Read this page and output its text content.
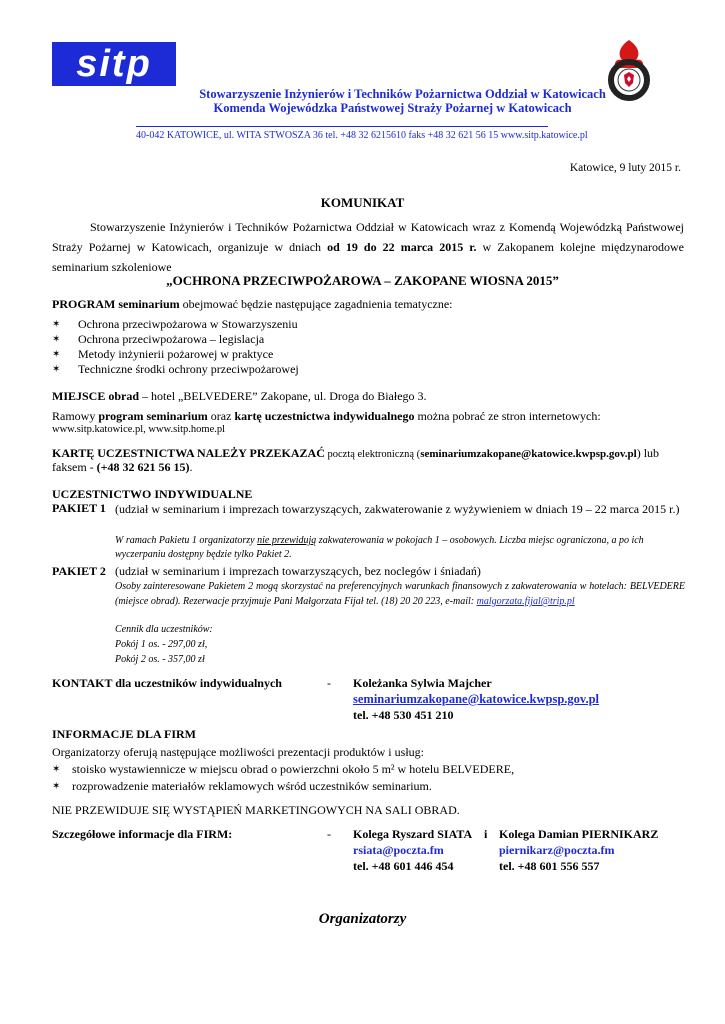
sitp
Stowarzyszenie Inżynierów i Techników Pożarnictwa Oddział w Katowicach
Komenda Wojewódzka Państwowej Straży Pożarnej w Katowicach
40-042 KATOWICE, ul. WITA STWOSZA 36 tel. +48 32 6215610 faks +48 32 621 56 15 www.sitp.katowice.pl
Katowice, 9 luty 2015 r.
KOMUNIKAT
Stowarzyszenie Inżynierów i Techników Pożarnictwa Oddział w Katowicach wraz z Komendą Wojewódzką Państwowej Straży Pożarnej w Katowicach, organizuje w dniach od 19 do 22 marca 2015 r. w Zakopanem kolejne międzynarodowe seminarium szkoleniowe
„OCHRONA PRZECIWPOŻAROWA – ZAKOPANE WIOSNA 2015”
PROGRAM seminarium obejmować będzie następujące zagadnienia tematyczne:
✶ Ochrona przeciwpożarowa w Stowarzyszeniu
✶ Ochrona przeciwpożarowa – legislacja
✶ Metody inżynierii pożarowej w praktyce
✶ Techniczne środki ochrony przeciwpożarowej
MIEJSCE obrad – hotel „BELVEDERE” Zakopane, ul. Droga do Białego 3.
Ramowy program seminarium oraz kartę uczestnictwa indywidualnego można pobrać ze stron internetowych:
www.sitp.katowice.pl, www.sitp.home.pl
KARTĘ UCZESTNICTWA NALEŻY PRZEKAZAĆ pocztą elektroniczną (seminariumzakopane@katowice.kwpsp.gov.pl) lub
faksem - (+48 32 621 56 15).
UCZESTNICTWO INDYWIDUALNE
PAKIET 1 (udział w seminarium i imprezach towarzyszących, zakwaterowanie z wyżywieniem w dniach 19 – 22 marca 2015 r.)
W ramach Pakietu 1 organizatorzy nie przewidują zakwaterowania w pokojach 1 – osobowych. Liczba miejsc ograniczona, a po ich wyczerpaniu dostępny będzie tylko Pakiet 2.
PAKIET 2 (udział w seminarium i imprezach towarzyszących, bez noclegów i śniadań)
Osoby zainteresowane Pakietem 2 mogą skorzystać na preferencyjnych warunkach finansowych z zakwaterowania w hotelach: BELVEDERE (miejsce obrad). Rezerwacje przyjmuje Pani Małgorzata Fijał tel. (18) 20 20 223, e-mail: malgorzata.fijal@trip.pl
Cennik dla uczestników:
Pokój 1 os. - 297,00 zł,
Pokój 2 os. - 357,00 zł
KONTAKT dla uczestników indywidualnych	- Koleżanka Sylwia Majcher
seminariumzakopane@katowice.kwpsp.gov.pl
tel. +48 530 451 210
INFORMACJE DLA FIRM
Organizatorzy oferują następujące możliwości prezentacji produktów i usług:
✶ stoisko wystawiennicze w miejscu obrad o powierzchni około 5 m² w hotelu BELVEDERE,
✶ rozprowadzenie materiałów reklamowych wśród uczestników seminarium.
NIE PRZEWIDUJE SIĘ WYSTĄPIEŃ MARKETINGOWYCH NA SALI OBRAD.
Szczegółowe informacje dla FIRM:	- Kolega Ryszard SIATA i Kolega Damian PIERNIKARZ
rsiata@poczta.fm	piernikarz@poczta.fm
tel. +48 601 446 454	tel. +48 601 556 557
Organizatorzy
